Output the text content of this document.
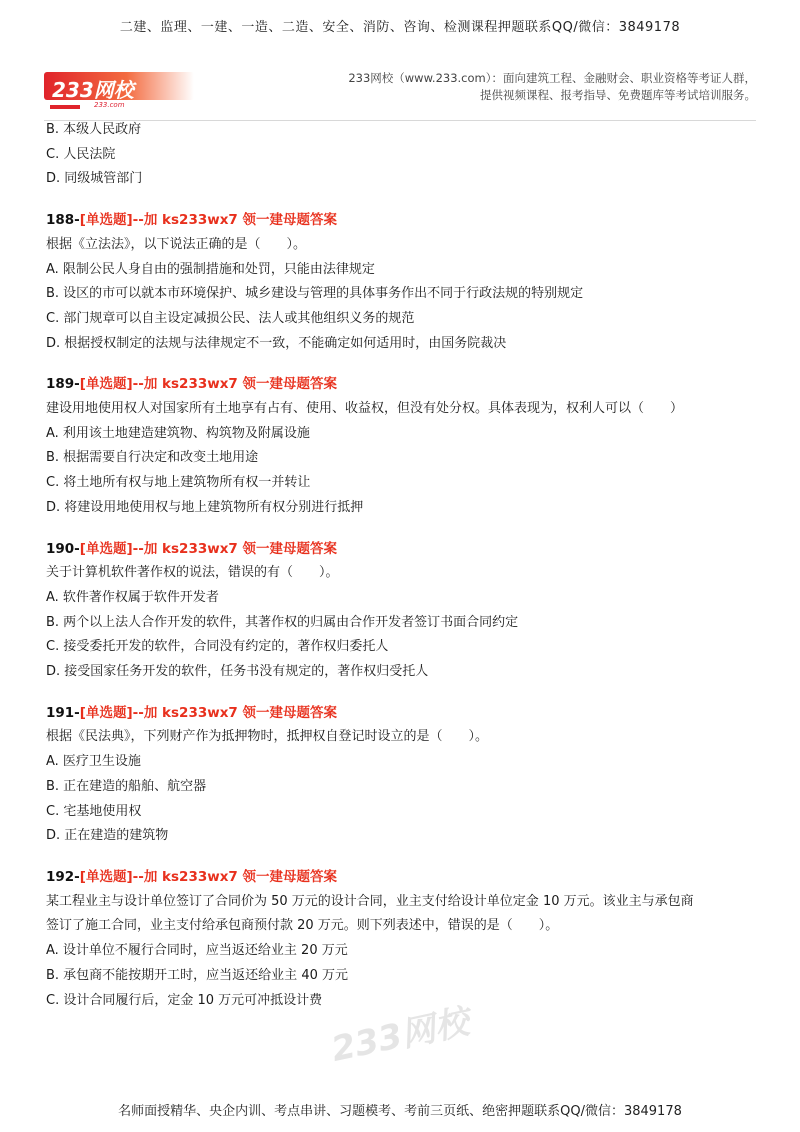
二建、监理、一建、一造、二造、安全、消防、咨询、检测课程押题联系QQ/微信：3849178
233网校
233.com
233网校（www.233.com）：面向建筑工程、金融财会、职业资格等考证人群，
提供视频课程、报考指导、免费题库等考试培训服务。
B. 本级人民政府
C. 人民法院
D. 同级城管部门
188-[单选题]--加 ks233wx7 领一建母题答案
根据《立法法》，以下说法正确的是（　　）。
A. 限制公民人身自由的强制措施和处罚，只能由法律规定
B. 设区的市可以就本市环境保护、城乡建设与管理的具体事务作出不同于行政法规的特别规定
C. 部门规章可以自主设定减损公民、法人或其他组织义务的规范
D. 根据授权制定的法规与法律规定不一致，不能确定如何适用时，由国务院裁决
189-[单选题]--加 ks233wx7 领一建母题答案
建设用地使用权人对国家所有土地享有占有、使用、收益权，但没有处分权。具体表现为，权利人可以（　　）
A. 利用该土地建造建筑物、构筑物及附属设施
B. 根据需要自行决定和改变土地用途
C. 将土地所有权与地上建筑物所有权一并转让
D. 将建设用地使用权与地上建筑物所有权分别进行抵押
190-[单选题]--加 ks233wx7 领一建母题答案
关于计算机软件著作权的说法，错误的有（　　）。
A. 软件著作权属于软件开发者
B. 两个以上法人合作开发的软件，其著作权的归属由合作开发者签订书面合同约定
C. 接受委托开发的软件，合同没有约定的，著作权归委托人
D. 接受国家任务开发的软件，任务书没有规定的，著作权归受托人
191-[单选题]--加 ks233wx7 领一建母题答案
根据《民法典》，下列财产作为抵押物时，抵押权自登记时设立的是（　　）。
A. 医疗卫生设施
B. 正在建造的船舶、航空器
C. 宅基地使用权
D. 正在建造的建筑物
192-[单选题]--加 ks233wx7 领一建母题答案
某工程业主与设计单位签订了合同价为 50 万元的设计合同，业主支付给设计单位定金 10 万元。该业主与承包商
签订了施工合同，业主支付给承包商预付款 20 万元。则下列表述中，错误的是（　　）。
A. 设计单位不履行合同时，应当返还给业主 20 万元
B. 承包商不能按期开工时，应当返还给业主 40 万元
C. 设计合同履行后，定金 10 万元可冲抵设计费
233网校
名师面授精华、央企内训、考点串讲、习题模考、考前三页纸、绝密押题联系QQ/微信：3849178
